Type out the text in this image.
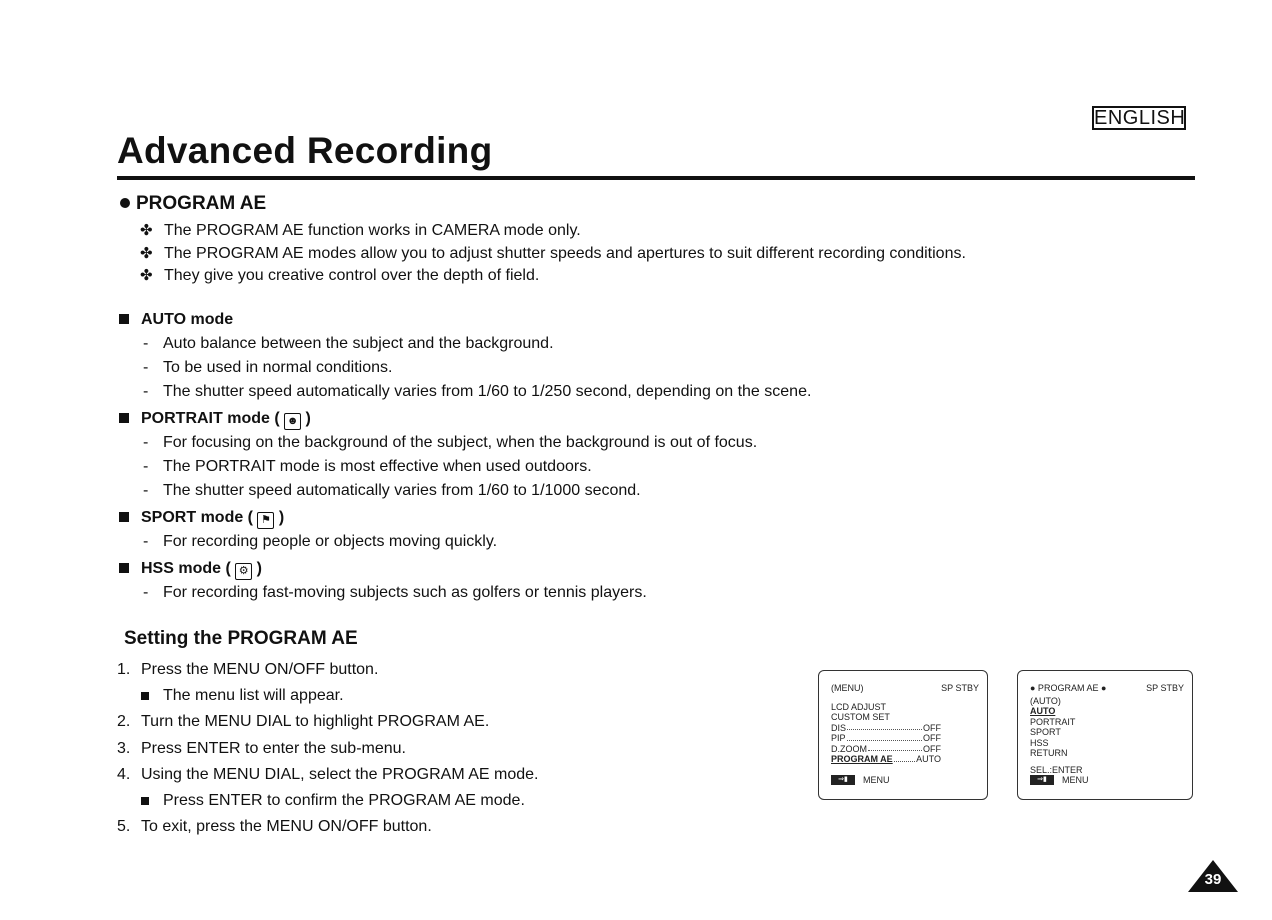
ENGLISH
Advanced Recording
PROGRAM AE
✤ The PROGRAM AE function works in CAMERA mode only.
✤ The PROGRAM AE modes allow you to adjust shutter speeds and apertures to suit different recording conditions.
✤ They give you creative control over the depth of field.
AUTO mode
- Auto balance between the subject and the background.
- To be used in normal conditions.
- The shutter speed automatically varies from 1/60 to 1/250 second, depending on the scene.
PORTRAIT mode ( ☻ )
- For focusing on the background of the subject, when the background is out of focus.
- The PORTRAIT mode is most effective when used outdoors.
- The shutter speed automatically varies from 1/60 to 1/1000 second.
SPORT mode ( ⚑ )
- For recording people or objects moving quickly.
HSS mode ( ⚙ )
- For recording fast-moving subjects such as golfers or tennis players.
Setting the PROGRAM AE
1. Press the MENU ON/OFF button.
The menu list will appear.
2. Turn the MENU DIAL to highlight PROGRAM AE.
3. Press ENTER to enter the sub-menu.
4. Using the MENU DIAL, select the PROGRAM AE mode.
Press ENTER to confirm the PROGRAM AE mode.
5. To exit, press the MENU ON/OFF button.
(MENU)	SP STBY
LCD ADJUST
CUSTOM SET
DIS	OFF
PIP	OFF
D.ZOOM	OFF
PROGRAM AE	AUTO
⇒▮	MENU
● PROGRAM AE ●	SP STBY
(AUTO)
AUTO
PORTRAIT
SPORT
HSS
RETURN
SEL.:ENTER
⇒▮	MENU
39
